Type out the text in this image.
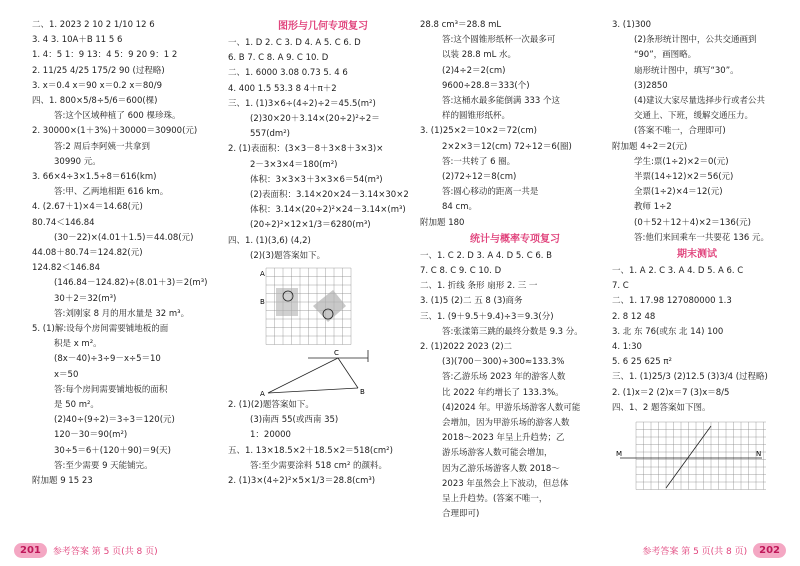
二、1. 2023 2 10 2 1/10 12 6
3. 4 3. 10A＋B 11 5 6
1. 4：5 1：9 13：4 5：9 20 9：1 2
2. 11/25 4/25 175/2 90 (过程略)
3. x＝0.4 x＝90 x＝0.2 x＝80/9
四、1. 800×5/8÷5/6＝600(棵)
答:这个区域种植了 600 棵珍珠。
2. 30000×(1＋3%)＋30000＝30900(元)
答:2 周后李阿姨一共拿到
30990 元。
3. 66×4÷3×1.5÷8＝616(km)
答:甲、乙两地相距 616 km。
4. (2.67＋1)×4＝14.68(元)
80.74＜146.84
(30－22)×(4.01＋1.5)＝44.08(元)
44.08＋80.74＝124.82(元)
124.82＜146.84
(146.84－124.82)÷(8.01＋3)＝2(m³)
30＋2＝32(m³)
答:刘刚家 8 月的用水量是 32 m³。
5. (1)解:设每个房间需要铺地板的面
积是 x m²。
(8x－40)÷3÷9－x÷5＝10
x＝50
答:每个房间需要铺地板的面积
是 50 m²。
(2)40÷(9÷2)＝3÷3＝120(元)
120－30＝90(m²)
30÷5＝6＋(120＋90)＝9(天)
答:至少需要 9 天能铺完。
附加题 9 15 23
图形与几何专项复习
一、1. D 2. C 3. D 4. A 5. C 6. D
6. B 7. C 8. A 9. C 10. D
二、1. 6000 3.08 0.73 5. 4 6
4. 400 1.5 53.3 8 4＋π＋2
三、1. (1)3×6÷(4÷2)÷2＝45.5(m²)
(2)30×20＋3.14×(20÷2)²÷2＝
557(dm²)
2. (1)表面积：(3×3－8＋3×8＋3×3)×
2－3×3×4＝180(m²)
体积：3×3×3＋3×3×6＝54(m³)
(2)表面积：3.14×20×24－3.14×30×2
体积：3.14×(20÷2)²×24－3.14×(m³)
(20÷2)²×12×1/3＝6280(m³)
四、1. (1)(3,6) (4,2)
(2)(3)题答案如下。
A
B
C
A	B
2. (1)(2)题答案如下。
(3)南西 55(或西南 35)
1：20000
五、1. 13×18.5×2＋18.5×2＝518(cm²)
答:至少需要涂料 518 cm² 的颜料。
2. (1)3×(4÷2)²×5×1/3＝28.8(cm³)
28.8 cm³＝28.8 mL
答:这个圆锥形纸杯一次最多可
以装 28.8 mL 水。
(2)4÷2＝2(cm)
9600÷28.8＝333(个)
答:这桶水最多能倒满 333 个这
样的圆锥形纸杯。
3. (1)25×2＝10×2＝72(cm)
2×2×3＝12(cm) 72÷12＝6(圈)
答:一共转了 6 圈。
(2)72÷12＝8(cm)
答:圆心移动的距离一共是
84 cm。
附加题 180
统计与概率专项复习
一、1. C 2. D 3. A 4. D 5. C 6. B
7. C 8. C 9. C 10. D
二、1. 折线 条形 扇形 2. 三 一
3. (1)5 (2)二 五 8 (3)商务
三、1. (9＋9.5＋9.4)÷3＝9.3(分)
答:张漾第三跳的最终分数是 9.3 分。
2. (1)2022 2023 (2)二
(3)(700－300)÷300≈133.3%
答:乙游乐场 2023 年的游客人数
比 2022 年约增长了 133.3%。
(4)2024 年。甲游乐场游客人数可能
会增加，因为甲游乐场的游客人数
2018～2023 年呈上升趋势；乙
游乐场游客人数可能会增加，
因为乙游乐场游客人数 2018～
2023 年虽然会上下波动，但总体
呈上升趋势。(答案不唯一，
合理即可)
3. (1)300
(2)条形统计图中，公共交通画到
“90”，画图略。
扇形统计图中，填写“30”。
(3)2850
(4)建议大家尽量选择步行或者公共
交通上、下班，缓解交通压力。
(答案不唯一，合理即可)
附加题 4÷2＝2(元)
学生:票(1÷2)×2＝0(元)
半票(14÷12)×2＝56(元)
全票(1÷2)×4＝12(元)
教师 1÷2
(0＋52＋12＋4)×2＝136(元)
答:他们来回乘车一共要花 136 元。
期末测试
一、1. A 2. C 3. A 4. D 5. A 6. C
7. C
二、1. 17.98 127080000 1.3
2. 8 12 48
3. 北 东 76(或东 北 14) 100
4. 1:30
5. 6 25 625 π²
三、1. (1)25/3 (2)12.5 (3)3/4 (过程略)
2. (1)x＝2 (2)x＝7 (3)x＝8/5
四、1、2 题答案如下图。
M	N
201	参考答案 第 5 页(共 8 页)	参考答案 第 5 页(共 8 页)	202
